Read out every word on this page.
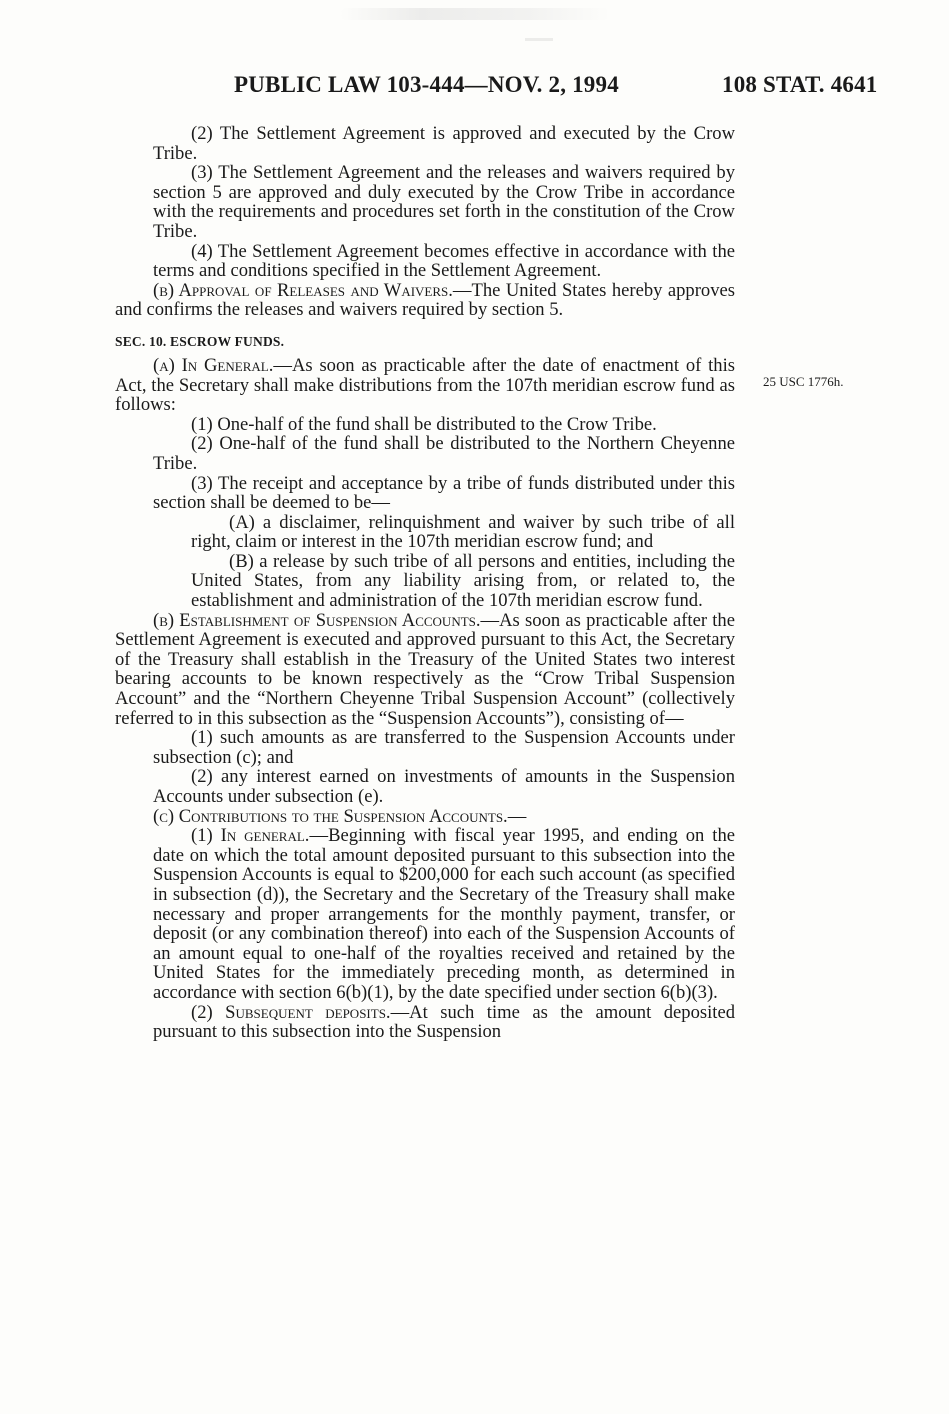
PUBLIC LAW 103-444—NOV. 2, 1994	108 STAT. 4641
25 USC 1776h.

(2) The Settlement Agreement is approved and executed by the Crow Tribe.

(3) The Settlement Agreement and the releases and waivers required by section 5 are approved and duly executed by the Crow Tribe in accordance with the requirements and procedures set forth in the constitution of the Crow Tribe.

(4) The Settlement Agreement becomes effective in accordance with the terms and conditions specified in the Settlement Agreement.

(b) Approval of Releases and Waivers.—The United States hereby approves and confirms the releases and waivers required by section 5.

SEC. 10. ESCROW FUNDS.

(a) In General.—As soon as practicable after the date of enactment of this Act, the Secretary shall make distributions from the 107th meridian escrow fund as follows:

(1) One-half of the fund shall be distributed to the Crow Tribe.

(2) One-half of the fund shall be distributed to the Northern Cheyenne Tribe.

(3) The receipt and acceptance by a tribe of funds distributed under this section shall be deemed to be—

(A) a disclaimer, relinquishment and waiver by such tribe of all right, claim or interest in the 107th meridian escrow fund; and

(B) a release by such tribe of all persons and entities, including the United States, from any liability arising from, or related to, the establishment and administration of the 107th meridian escrow fund.

(b) Establishment of Suspension Accounts.—As soon as practicable after the Settlement Agreement is executed and approved pursuant to this Act, the Secretary of the Treasury shall establish in the Treasury of the United States two interest bearing accounts to be known respectively as the “Crow Tribal Suspension Account” and the “Northern Cheyenne Tribal Suspension Account” (collectively referred to in this subsection as the “Suspension Accounts”), consisting of—

(1) such amounts as are transferred to the Suspension Accounts under subsection (c); and

(2) any interest earned on investments of amounts in the Suspension Accounts under subsection (e).

(c) Contributions to the Suspension Accounts.—

(1) In general.—Beginning with fiscal year 1995, and ending on the date on which the total amount deposited pursuant to this subsection into the Suspension Accounts is equal to $200,000 for each such account (as specified in subsection (d)), the Secretary and the Secretary of the Treasury shall make necessary and proper arrangements for the monthly payment, transfer, or deposit (or any combination thereof) into each of the Suspension Accounts of an amount equal to one-half of the royalties received and retained by the United States for the immediately preceding month, as determined in accordance with section 6(b)(1), by the date specified under section 6(b)(3).

(2) Subsequent deposits.—At such time as the amount deposited pursuant to this subsection into the Suspension
